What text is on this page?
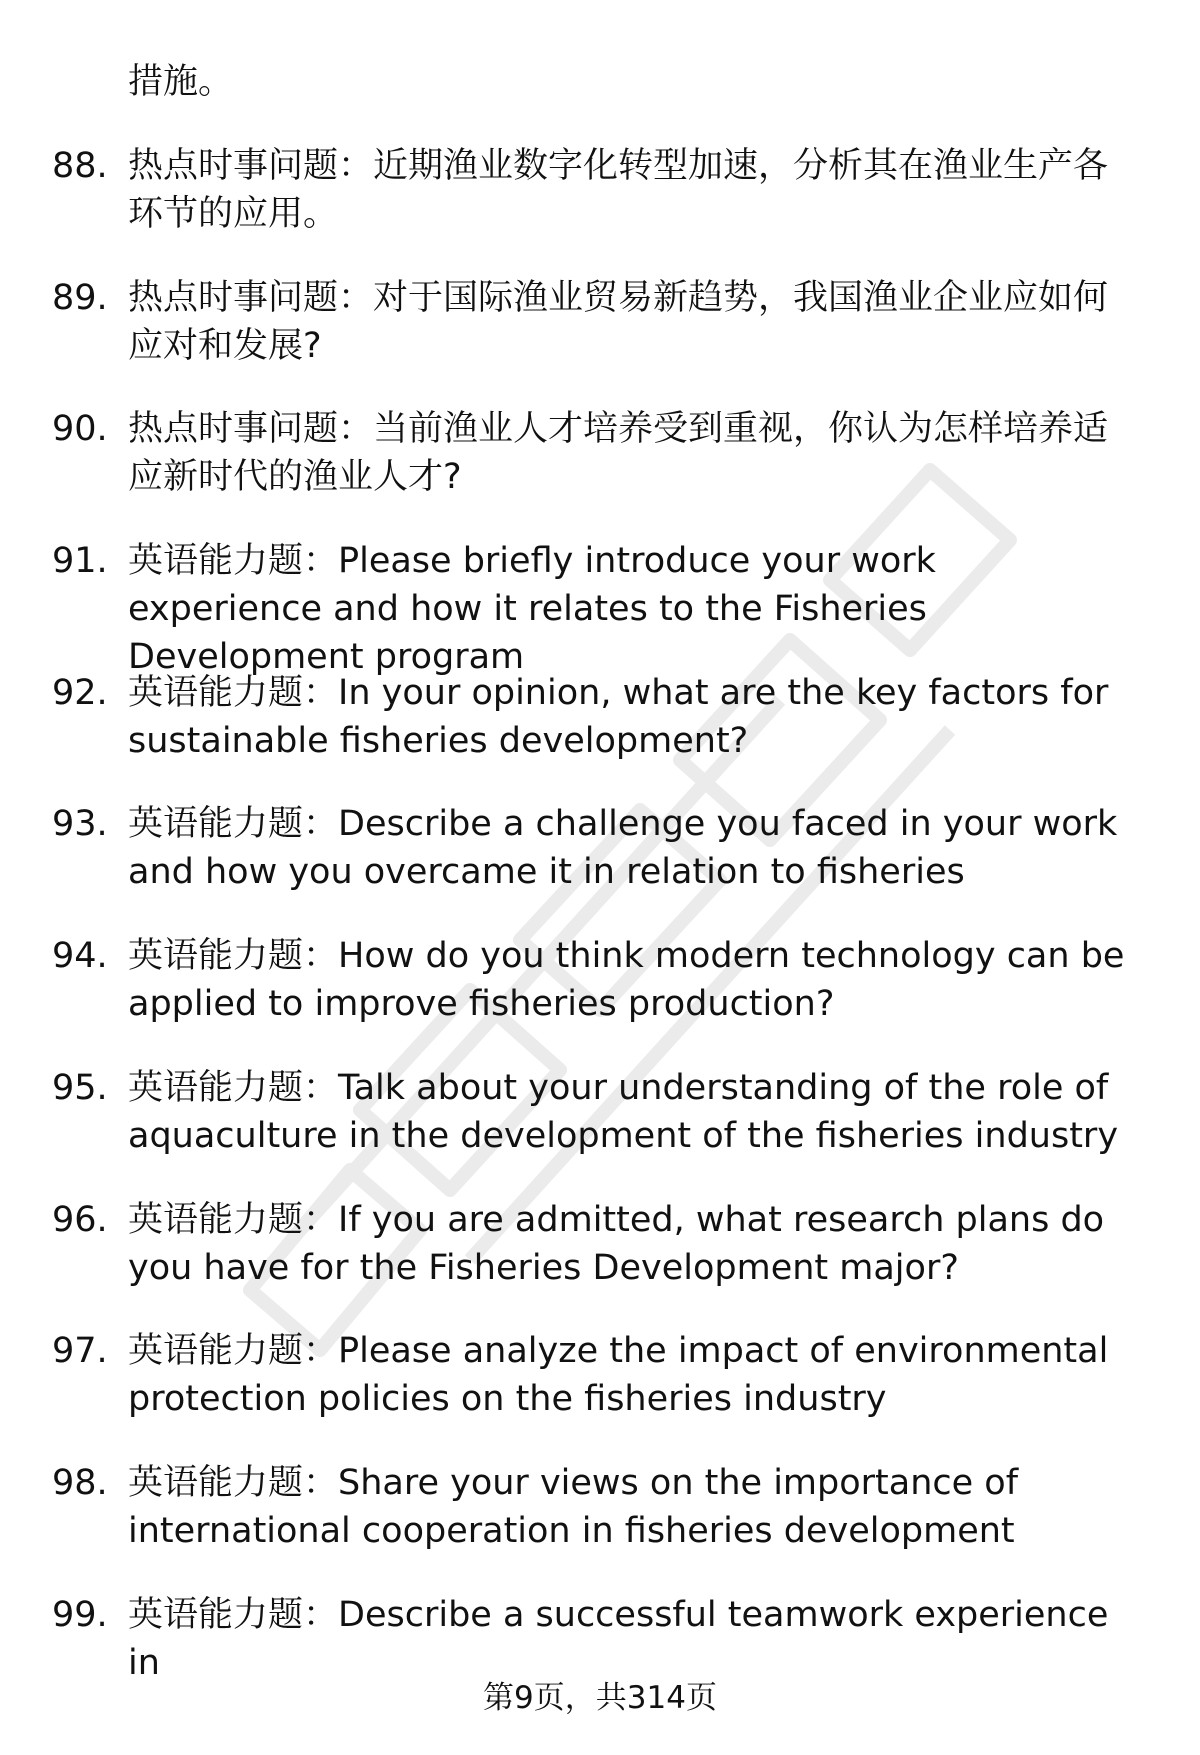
措施。
88. 热点时事问题：近期渔业数字化转型加速，分析其在渔业生产各环节的应用。
89. 热点时事问题：对于国际渔业贸易新趋势，我国渔业企业应如何应对和发展?
90. 热点时事问题：当前渔业人才培养受到重视，你认为怎样培养适应新时代的渔业人才?
91. 英语能力题：Please briefly introduce your work experience and how it relates to the Fisheries Development program
92. 英语能力题：In your opinion, what are the key factors for sustainable fisheries development?
93. 英语能力题：Describe a challenge you faced in your work and how you overcame it in relation to fisheries
94. 英语能力题：How do you think modern technology can be applied to improve fisheries production?
95. 英语能力题：Talk about your understanding of the role of aquaculture in the development of the fisheries industry
96. 英语能力题：If you are admitted, what research plans do you have for the Fisheries Development major?
97. 英语能力题：Please analyze the impact of environmental protection policies on the fisheries industry
98. 英语能力题：Share your views on the importance of international cooperation in fisheries development
99. 英语能力题：Describe a successful teamwork experience in
第9页，共314页
